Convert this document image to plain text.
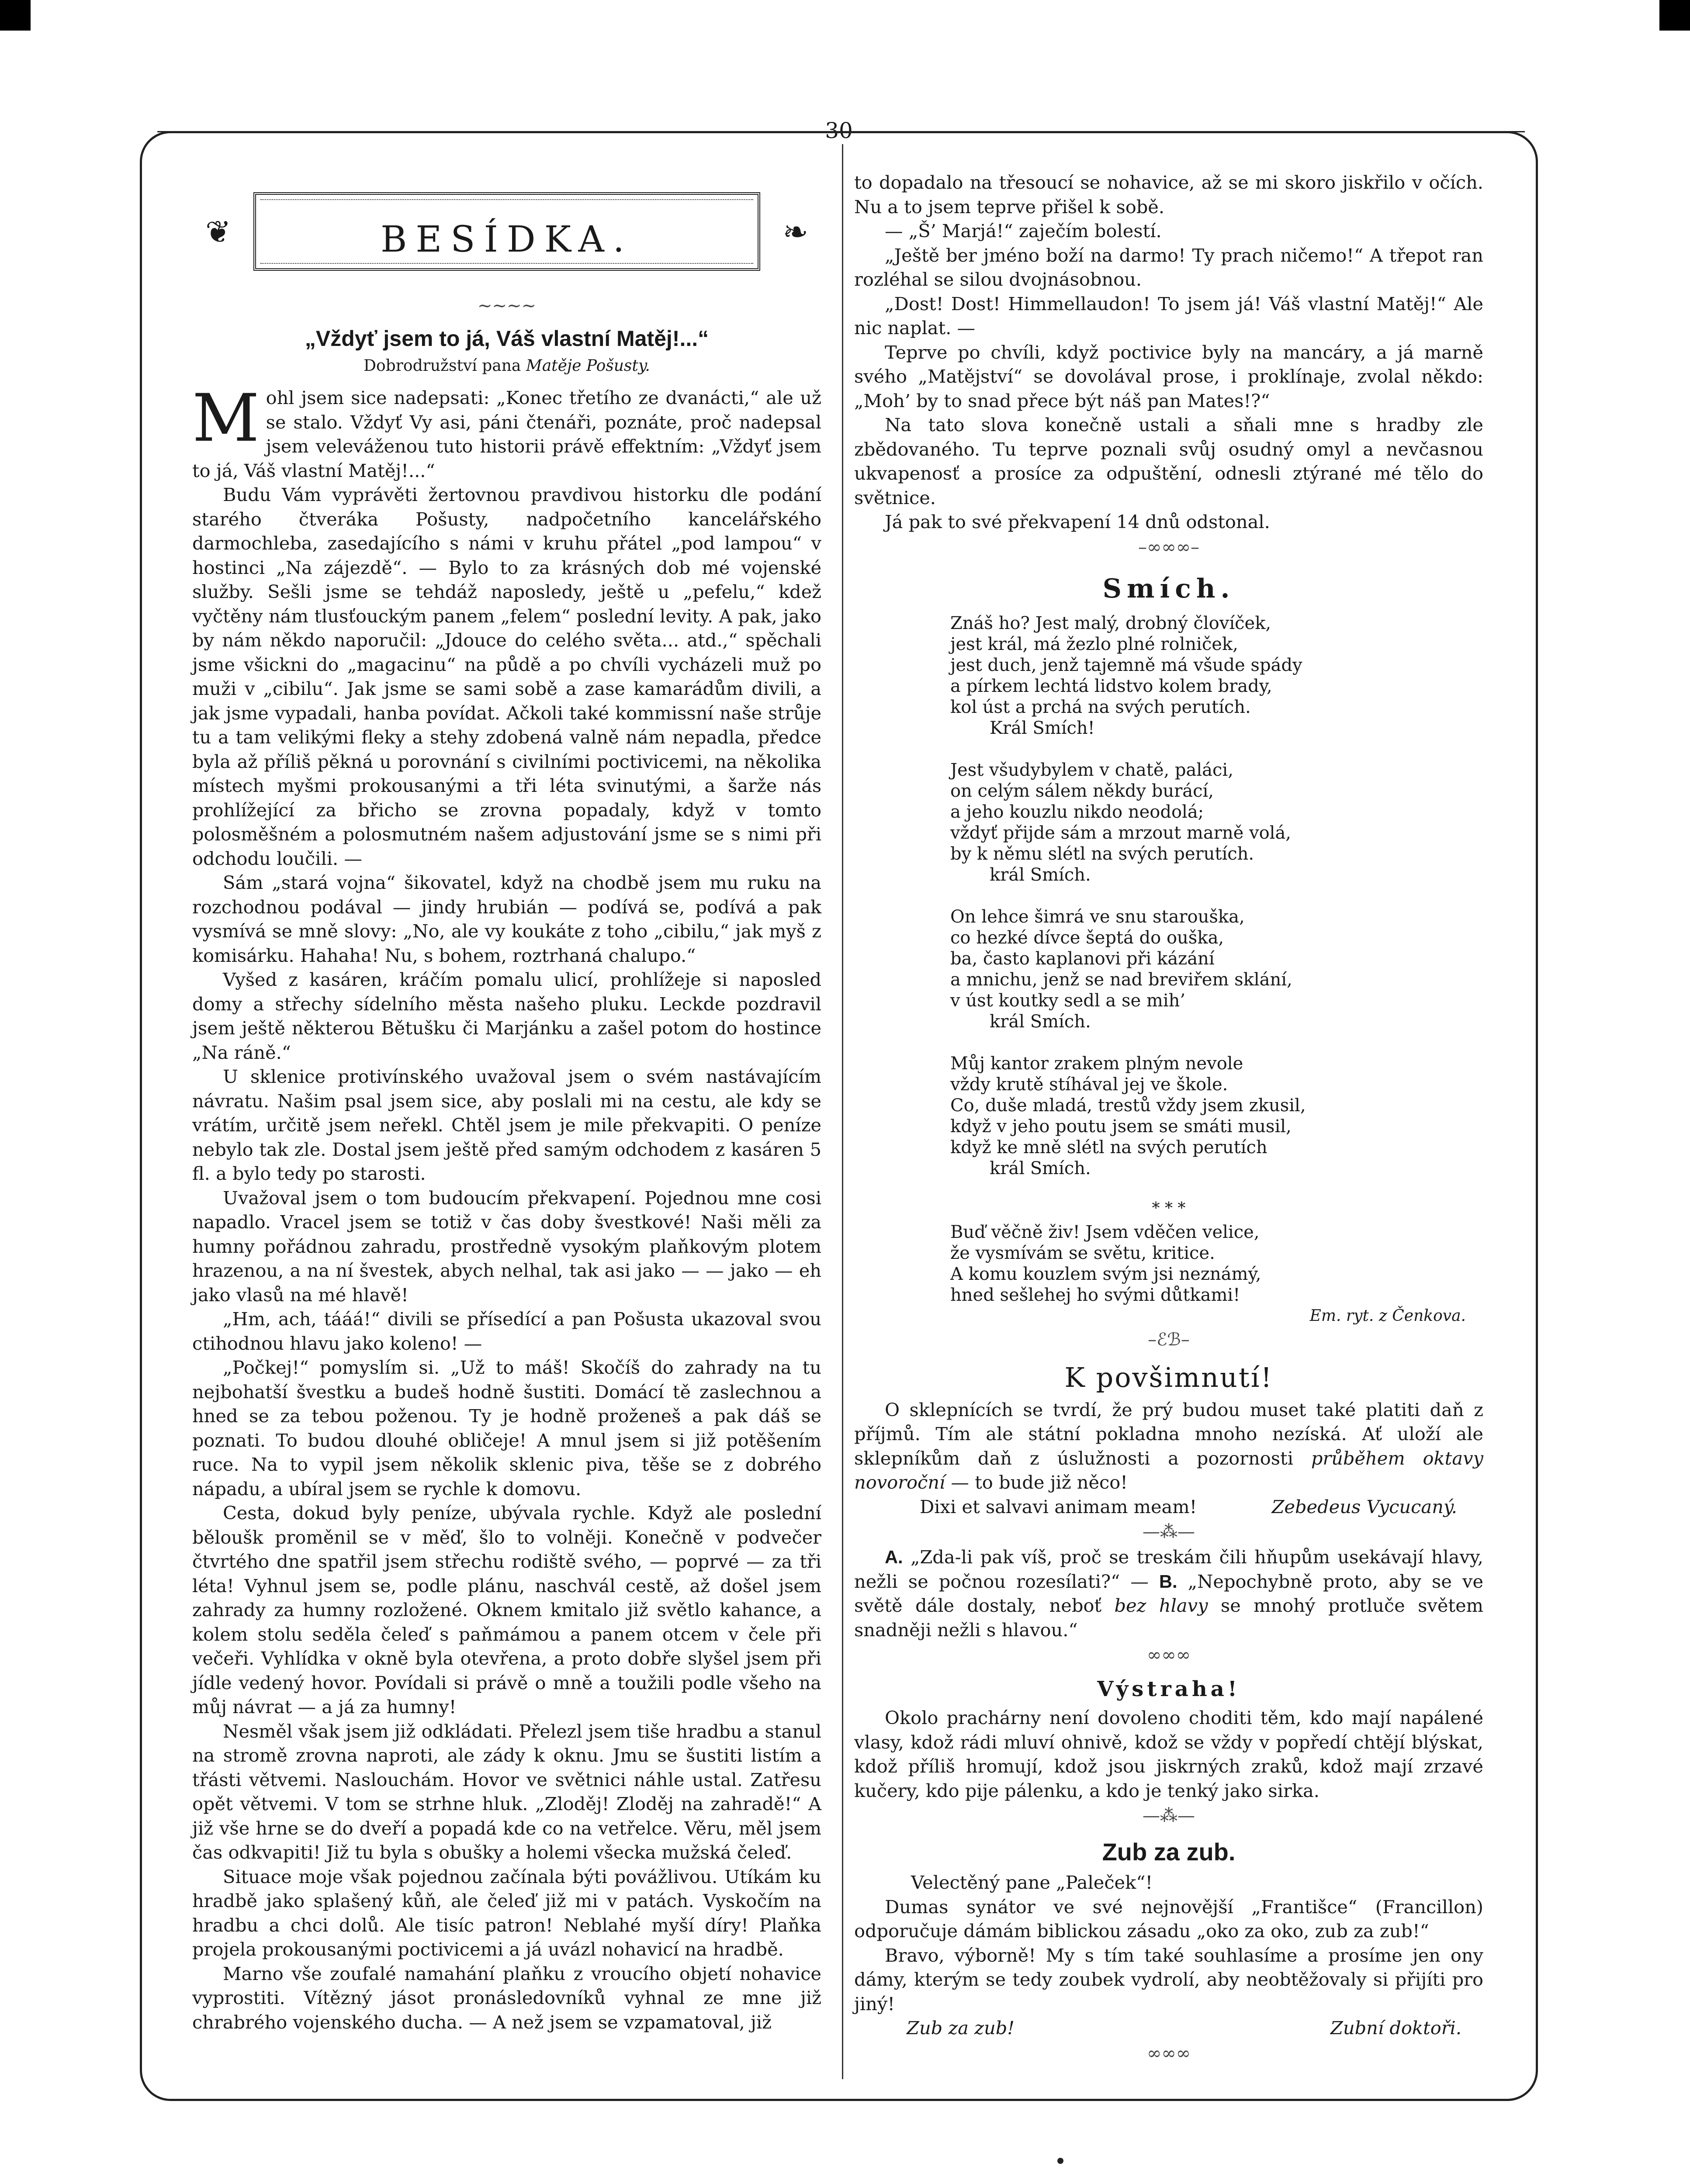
30
❦	BESÍDKA.	❧
~~~~
„Vždyť jsem to já, Váš vlastní Matěj!...“
Dobrodružství pana Matěje Pošusty.
M ohl jsem sice nadepsati: „Konec třetího ze dvanácti,“ ale už se stalo. Vždyť Vy asi, páni čtenáři, poznáte, proč nadepsal jsem veleváženou tuto historii právě effektním: „Vždyť jsem to já, Váš vlastní Matěj!...“

Budu Vám vyprávěti žertovnou pravdivou historku dle podání starého čtveráka Pošusty, nadpočetního kancelářského darmochleba, zasedajícího s námi v kruhu přátel „pod lampou“ v hostinci „Na zájezdě“. — Bylo to za krásných dob mé vojenské služby. Sešli jsme se tehdáž naposledy, ještě u „pefelu,“ kdež vyčtěny nám tlusťouckým panem „felem“ poslední levity. A pak, jako by nám někdo naporučil: „Jdouce do celého světa... atd.,“ spěchali jsme všickni do „magacinu“ na půdě a po chvíli vycházeli muž po muži v „cibilu“. Jak jsme se sami sobě a zase kamarádům divili, a jak jsme vypadali, hanba povídat. Ačkoli také kommissní naše strůje tu a tam velikými fleky a stehy zdobená valně nám nepadla, předce byla až příliš pěkná u porovnání s civilními poctivicemi, na několika místech myšmi prokousanými a tři léta svinutými, a šarže nás prohlížející za břicho se zrovna popadaly, když v tomto polosměšném a polosmutném našem adjustování jsme se s nimi při odchodu loučili. —

Sám „stará vojna“ šikovatel, když na chodbě jsem mu ruku na rozchodnou podával — jindy hrubián — podívá se, podívá a pak vysmívá se mně slovy: „No, ale vy koukáte z toho „cibilu,“ jak myš z komisárku. Hahaha! Nu, s bohem, roztrhaná chalupo.“

Vyšed z kasáren, kráčím pomalu ulicí, prohlížeje si naposled domy a střechy sídelního města našeho pluku. Leckde pozdravil jsem ještě některou Bětušku či Marjánku a zašel potom do hostince „Na ráně.“

U sklenice protivínského uvažoval jsem o svém nastávajícím návratu. Našim psal jsem sice, aby poslali mi na cestu, ale kdy se vrátím, určitě jsem neřekl. Chtěl jsem je mile překvapiti. O peníze nebylo tak zle. Dostal jsem ještě před samým odchodem z kasáren 5 fl. a bylo tedy po starosti.

Uvažoval jsem o tom budoucím překvapení. Pojednou mne cosi napadlo. Vracel jsem se totiž v čas doby švestkové! Naši měli za humny pořádnou zahradu, prostředně vysokým plaňkovým plotem hrazenou, a na ní švestek, abych nelhal, tak asi jako — — jako — eh jako vlasů na mé hlavě!

„Hm, ach, tááá!“ divili se přísedící a pan Pošusta ukazoval svou ctihodnou hlavu jako koleno! —

„Počkej!“ pomyslím si. „Už to máš! Skočíš do zahrady na tu nejbohatší švestku a budeš hodně šustiti. Domácí tě zaslechnou a hned se za tebou poženou. Ty je hodně proženeš a pak dáš se poznati. To budou dlouhé obličeje! A mnul jsem si již potěšením ruce. Na to vypil jsem několik sklenic piva, těše se z dobrého nápadu, a ubíral jsem se rychle k domovu.

Cesta, dokud byly peníze, ubývala rychle. Když ale poslední běloušk proměnil se v měď, šlo to volněji. Konečně v podvečer čtvrtého dne spatřil jsem střechu rodiště svého, — poprvé — za tři léta! Vyhnul jsem se, podle plánu, naschvál cestě, až došel jsem zahrady za humny rozložené. Oknem kmitalo již světlo kahance, a kolem stolu seděla čeleď s paňmámou a panem otcem v čele při večeři. Vyhlídka v okně byla otevřena, a proto dobře slyšel jsem při jídle vedený hovor. Povídali si právě o mně a toužili podle všeho na můj návrat — a já za humny!

Nesměl však jsem již odkládati. Přelezl jsem tiše hradbu a stanul na stromě zrovna naproti, ale zády k oknu. Jmu se šustiti listím a třásti větvemi. Naslouchám. Hovor ve světnici náhle ustal. Zatřesu opět větvemi. V tom se strhne hluk. „Zloděj! Zloděj na zahradě!“ A již vše hrne se do dveří a popadá kde co na vetřelce. Věru, měl jsem čas odkvapiti! Již tu byla s obušky a holemi všecka mužská čeleď.

Situace moje však pojednou začínala býti povážlivou. Utíkám ku hradbě jako splašený kůň, ale čeleď již mi v patách. Vyskočím na hradbu a chci dolů. Ale tisíc patron! Neblahé myší díry! Plaňka projela prokousanými poctivicemi a já uvázl nohavicí na hradbě.

Marno vše zoufalé namahání plaňku z vroucího objetí nohavice vyprostiti. Vítězný jásot pronásledovníků vyhnal ze mne již chrabrého vojenského ducha. — A než jsem se vzpamatoval, již

to dopadalo na třesoucí se nohavice, až se mi skoro jiskřilo v očích. Nu a to jsem teprve přišel k sobě.

— „Š’ Marjá!“ zaječím bolestí.

„Ještě ber jméno boží na darmo! Ty prach ničemo!“ A třepot ran rozléhal se silou dvojnásobnou.

„Dost! Dost! Himmellaudon! To jsem já! Váš vlastní Matěj!“ Ale nic naplat. —

Teprve po chvíli, když poctivice byly na mancáry, a já marně svého „Matějství“ se dovolával prose, i proklínaje, zvolal někdo: „Moh’ by to snad přece být náš pan Mates!?“

Na tato slova konečně ustali a sňali mne s hradby zle zbědovaného. Tu teprve poznali svůj osudný omyl a nevčasnou ukvapenosť a prosíce za odpuštění, odnesli ztýrané mé tělo do světnice.

Já pak to své překvapení 14 dnů odstonal.

–∞∞∞–
Smích.
Znáš ho? Jest malý, drobný človíček,
jest král, má žezlo plné rolniček,
jest duch, jenž tajemně má všude spády
a pírkem lechtá lidstvo kolem brady,
kol úst a prchá na svých perutích.
Král Smích!
Jest všudybylem v chatě, paláci,
on celým sálem někdy burácí,
a jeho kouzlu nikdo neodolá;
vždyť přijde sám a mrzout marně volá,
by k němu slétl na svých perutích.
král Smích.
On lehce šimrá ve snu starouška,
co hezké dívce šeptá do ouška,
ba, často kaplanovi při kázání
a mnichu, jenž se nad breviřem sklání,
v úst koutky sedl a se mih’
král Smích.
Můj kantor zrakem plným nevole
vždy krutě stíhával jej ve škole.
Co, duše mladá, trestů vždy jsem zkusil,
když v jeho poutu jsem se smáti musil,
když ke mně slétl na svých perutích
král Smích.
* * *
Buď věčně živ! Jsem vděčen velice,
že vysmívám se světu, kritice.
A komu kouzlem svým jsi neznámý,
hned sešlehej ho svými důtkami!
Em. ryt. z Čenkova.
–ℰℬ–
K povšimnutí!

O sklepnících se tvrdí, že prý budou muset také platiti daň z příjmů. Tím ale státní pokladna mnoho nezíská. Ať uloží ale sklepníkům daň z úslužnosti a pozornosti průběhem oktavy novoroční — to bude již něco!

Dixi et salvavi animam meam!	Zebedeus Vycucaný.
—⁂—

A. „Zda-li pak víš, proč se treskám čili hňupům usekávají hlavy, nežli se počnou rozesílati?“ — B. „Nepochybně proto, aby se ve světě dále dostaly, neboť bez hlavy se mnohý protluče světem snadněji nežli s hlavou.“

∞∞∞
Výstraha!

Okolo prachárny není dovoleno choditi těm, kdo mají napálené vlasy, kdož rádi mluví ohnivě, kdož se vždy v popředí chtějí blýskat, kdož příliš hromují, kdož jsou jiskrných zraků, kdož mají zrzavé kučery, kdo pije pálenku, a kdo je tenký jako sirka.

—⁂—
Zub za zub.

Velectěný pane „Paleček“!

Dumas synátor ve své nejnovější „Františce“ (Francillon) odporučuje dámám biblickou zásadu „oko za oko, zub za zub!“

Bravo, výborně! My s tím také souhlasíme a prosíme jen ony dámy, kterým se tedy zoubek vydrolí, aby neobtěžovaly si přijíti pro jiný!

Zub za zub!	Zubní doktoři.
∞∞∞
